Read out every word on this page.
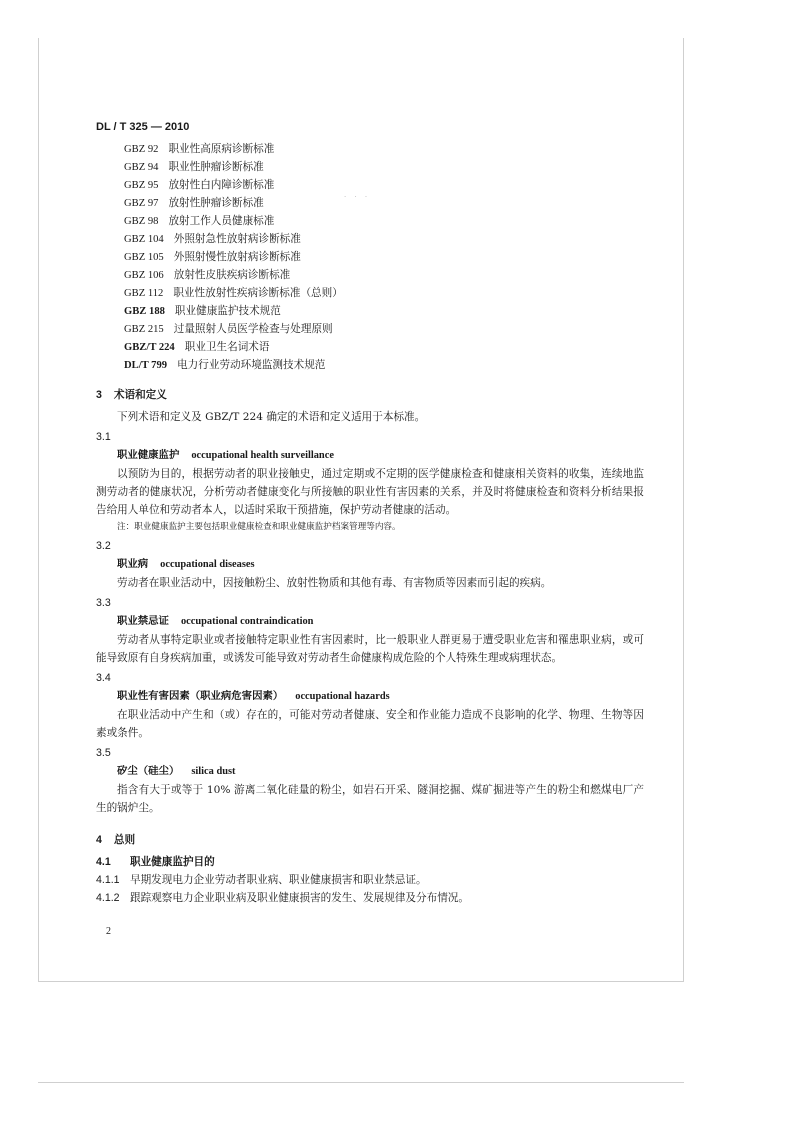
· · ·
DL / T 325 — 2010
GBZ 92 职业性高原病诊断标准
GBZ 94 职业性肿瘤诊断标准
GBZ 95 放射性白内障诊断标准
GBZ 97 放射性肿瘤诊断标准
GBZ 98 放射工作人员健康标准
GBZ 104 外照射急性放射病诊断标准
GBZ 105 外照射慢性放射病诊断标准
GBZ 106 放射性皮肤疾病诊断标准
GBZ 112 职业性放射性疾病诊断标准（总则）
GBZ 188 职业健康监护技术规范
GBZ 215 过量照射人员医学检查与处理原则
GBZ/T 224 职业卫生名词术语
DL/T 799 电力行业劳动环境监测技术规范
3 术语和定义
下列术语和定义及 GBZ/T 224 确定的术语和定义适用于本标准。
3.1
职业健康监护 occupational health surveillance
以预防为目的，根据劳动者的职业接触史，通过定期或不定期的医学健康检查和健康相关资料的收集，连续地监测劳动者的健康状况，分析劳动者健康变化与所接触的职业性有害因素的关系，并及时将健康检查和资料分析结果报告给用人单位和劳动者本人，以适时采取干预措施，保护劳动者健康的活动。
注：职业健康监护主要包括职业健康检查和职业健康监护档案管理等内容。
3.2
职业病 occupational diseases
劳动者在职业活动中，因接触粉尘、放射性物质和其他有毒、有害物质等因素而引起的疾病。
3.3
职业禁忌证 occupational contraindication
劳动者从事特定职业或者接触特定职业性有害因素时，比一般职业人群更易于遭受职业危害和罹患职业病，或可能导致原有自身疾病加重，或诱发可能导致对劳动者生命健康构成危险的个人特殊生理或病理状态。
3.4
职业性有害因素（职业病危害因素） occupational hazards
在职业活动中产生和（或）存在的，可能对劳动者健康、安全和作业能力造成不良影响的化学、物理、生物等因素或条件。
3.5
矽尘（硅尘） silica dust
指含有大于或等于 10% 游离二氧化硅量的粉尘，如岩石开采、隧洞挖掘、煤矿掘进等产生的粉尘和燃煤电厂产生的锅炉尘。
4 总则
4.1 职业健康监护目的
4.1.1 早期发现电力企业劳动者职业病、职业健康损害和职业禁忌证。
4.1.2 跟踪观察电力企业职业病及职业健康损害的发生、发展规律及分布情况。
2
